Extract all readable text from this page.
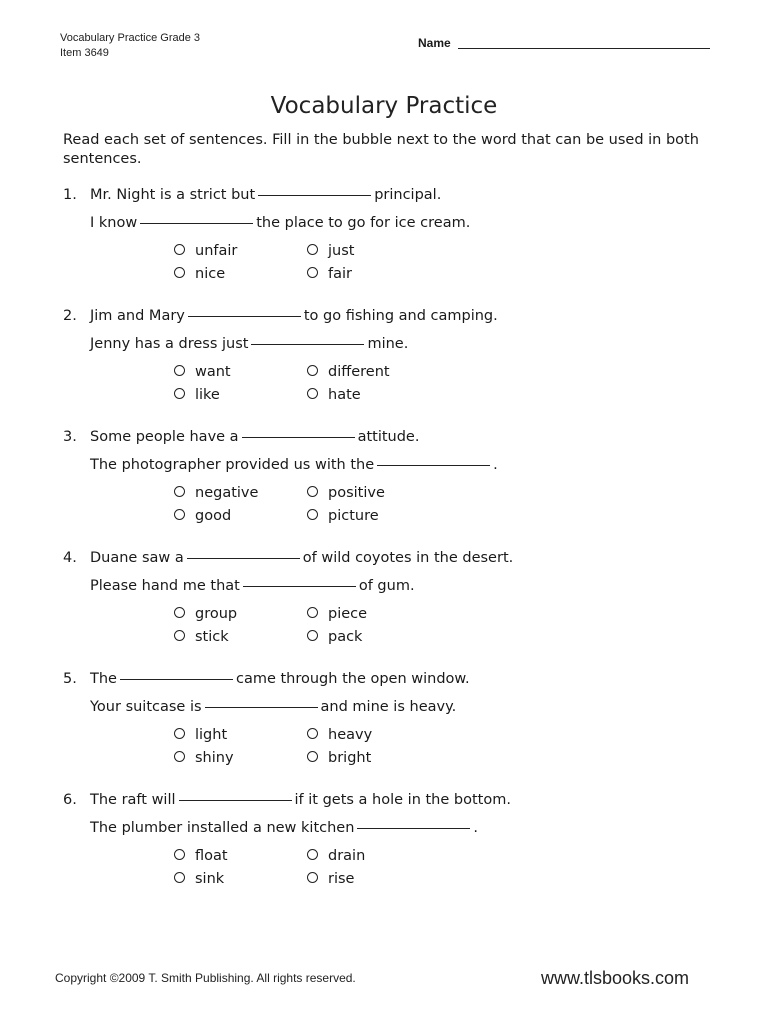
Vocabulary Practice Grade 3
Item 3649
Name
Vocabulary Practice
Read each set of sentences. Fill in the bubble next to the word that can be used in both sentences.
1. Mr. Night is a strict but	principal.
I know	the place to go for ice cream.
unfair	just
nice	fair
2. Jim and Mary	to go fishing and camping.
Jenny has a dress just	mine.
want	different
like	hate
3. Some people have a	attitude.
The photographer provided us with the	.
negative	positive
good	picture
4. Duane saw a	of wild coyotes in the desert.
Please hand me that	of gum.
group	piece
stick	pack
5. The	came through the open window.
Your suitcase is	and mine is heavy.
light	heavy
shiny	bright
6. The raft will	if it gets a hole in the bottom.
The plumber installed a new kitchen	.
float	drain
sink	rise
Copyright ©2009 T. Smith Publishing. All rights reserved.	www.tlsbooks.com
